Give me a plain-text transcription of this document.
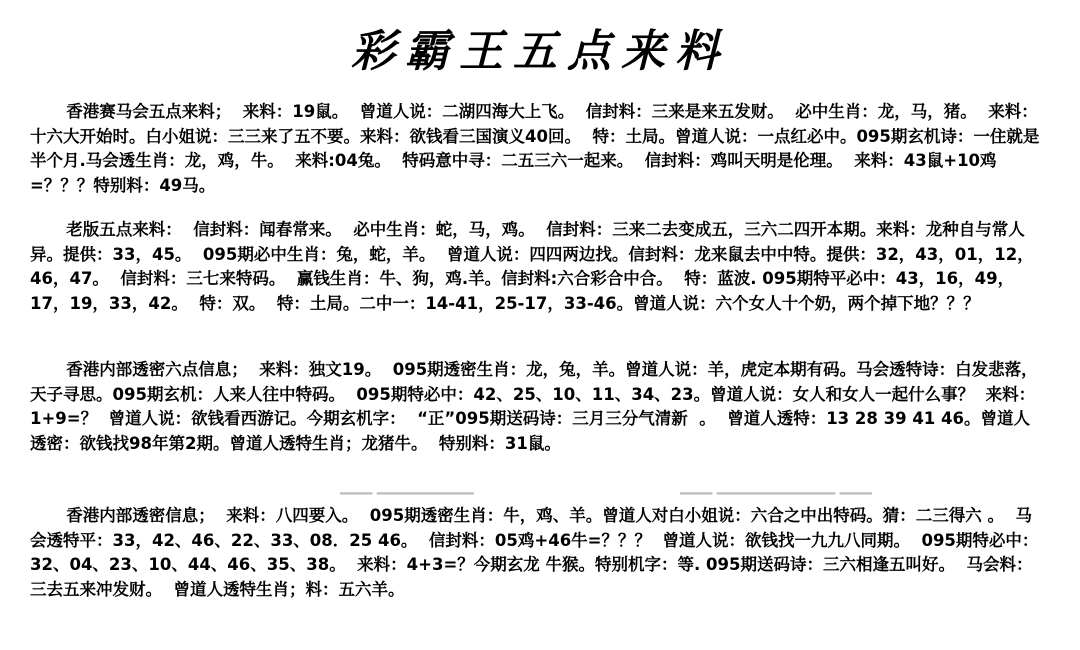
彩霸王五点来料
香港赛马会五点来料；  来料：19鼠。  曾道人说：二湖四海大上飞。  信封料：三来是来五发财。  必中生肖：龙，马，猪。  来料：十六大开始时。白小姐说：三三来了五不要。来料：欲钱看三国演义40回。  特：土局。曾道人说：一点红必中。095期玄机诗：一住就是半个月.马会透生肖：龙，鸡，牛。  来料:04兔。  特码意中寻：二五三六一起来。  信封料：鸡叫天明是伦理。  来料：43鼠+10鸡=？？？特别料：49马。
老版五点来料：  信封料：闻春常来。  必中生肖：蛇，马，鸡。  信封料：三来二去变成五，三六二四开本期。来料：龙种自与常人异。提供：33，45。  095期必中生肖：兔，蛇，羊。  曾道人说：四四两边找。信封料：龙来鼠去中中特。提供：32，43，01，12，46，47。  信封料：三七来特码。  赢钱生肖：牛、狗，鸡.羊。信封料:六合彩合中合。  特：蓝波. 095期特平必中：43，16，49，17，19，33，42。  特：双。  特：土局。二中一：14-41，25-17，33-46。曾道人说：六个女人十个奶，两个掉下地？？？
香港内部透密六点信息；  来料：独文19。  095期透密生肖：龙，兔，羊。曾道人说：羊，虎定本期有码。马会透特诗：白发悲落，天子寻思。095期玄机：人来人往中特码。  095期特必中：42、25、10、11、34、23。曾道人说：女人和女人一起什么事？  来料：1+9=？  曾道人说：欲钱看西游记。今期玄机字：  “正”095期送码诗：三月三分气清新  。  曾道人透特：13 28 39 41 46。曾道人透密：欲钱找98年第2期。曾道人透特生肖；龙猪牛。  特别料：31鼠。
香港内部透密信息；  来料：八四要入。  095期透密生肖：牛，鸡、羊。曾道人对白小姐说：六合之中出特码。猜：二三得六 。  马会透特平：33，42、46、22、33、08．25 46。  信封料：05鸡+46牛=？？？  曾道人说：欲钱找一九九八同期。  095期特必中：32、04、23、10、44、46、35、38。  来料：4+3=？今期玄龙 牛猴。特别机字：等. 095期送码诗：三六相逢五叫好。  马会料：三去五来冲发财。  曾道人透特生肖；料：五六羊。
▁▁▁ ▁▁▁▁▁▁▁▁▁	▁▁▁ ▁▁▁▁▁▁▁▁▁▁▁ ▁▁▁
